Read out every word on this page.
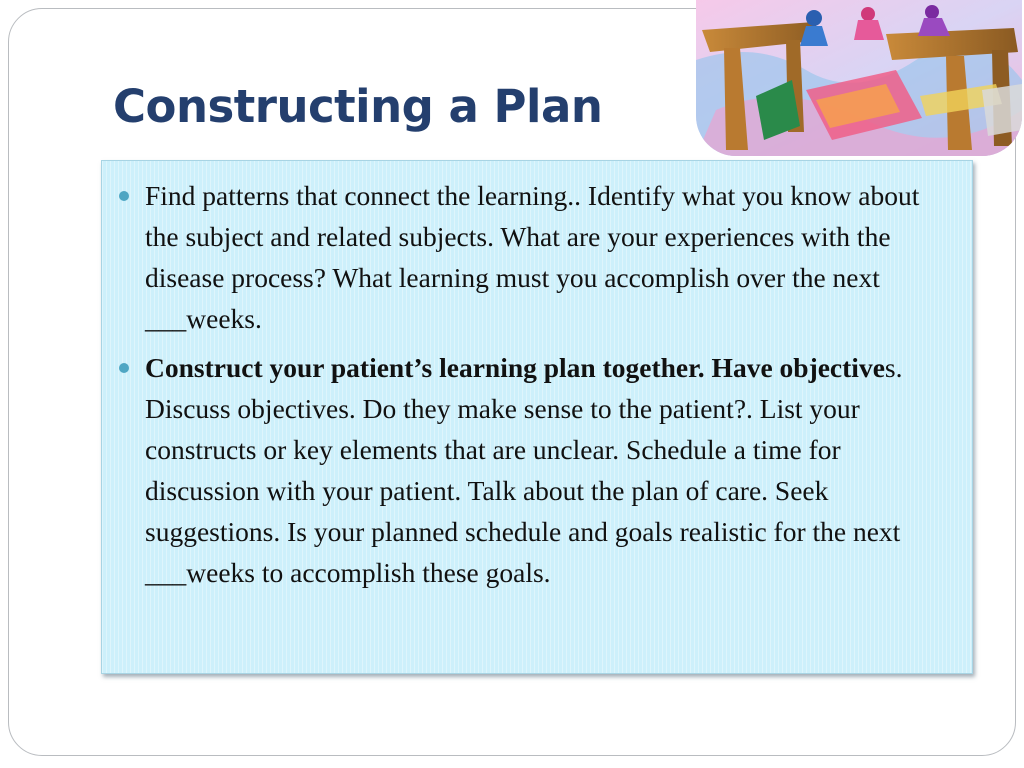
Constructing a Plan
Find patterns that connect the learning.. Identify what you know about the subject and related subjects. What are your experiences with the disease process? What learning must you accomplish over the next ___weeks.
Construct your patient’s learning plan together. Have objectives. Discuss objectives. Do they make sense to the patient?. List your constructs or key elements that are unclear. Schedule a time for discussion with your patient. Talk about the plan of care. Seek suggestions. Is your planned schedule and goals realistic for the next ___weeks to accomplish these goals.
